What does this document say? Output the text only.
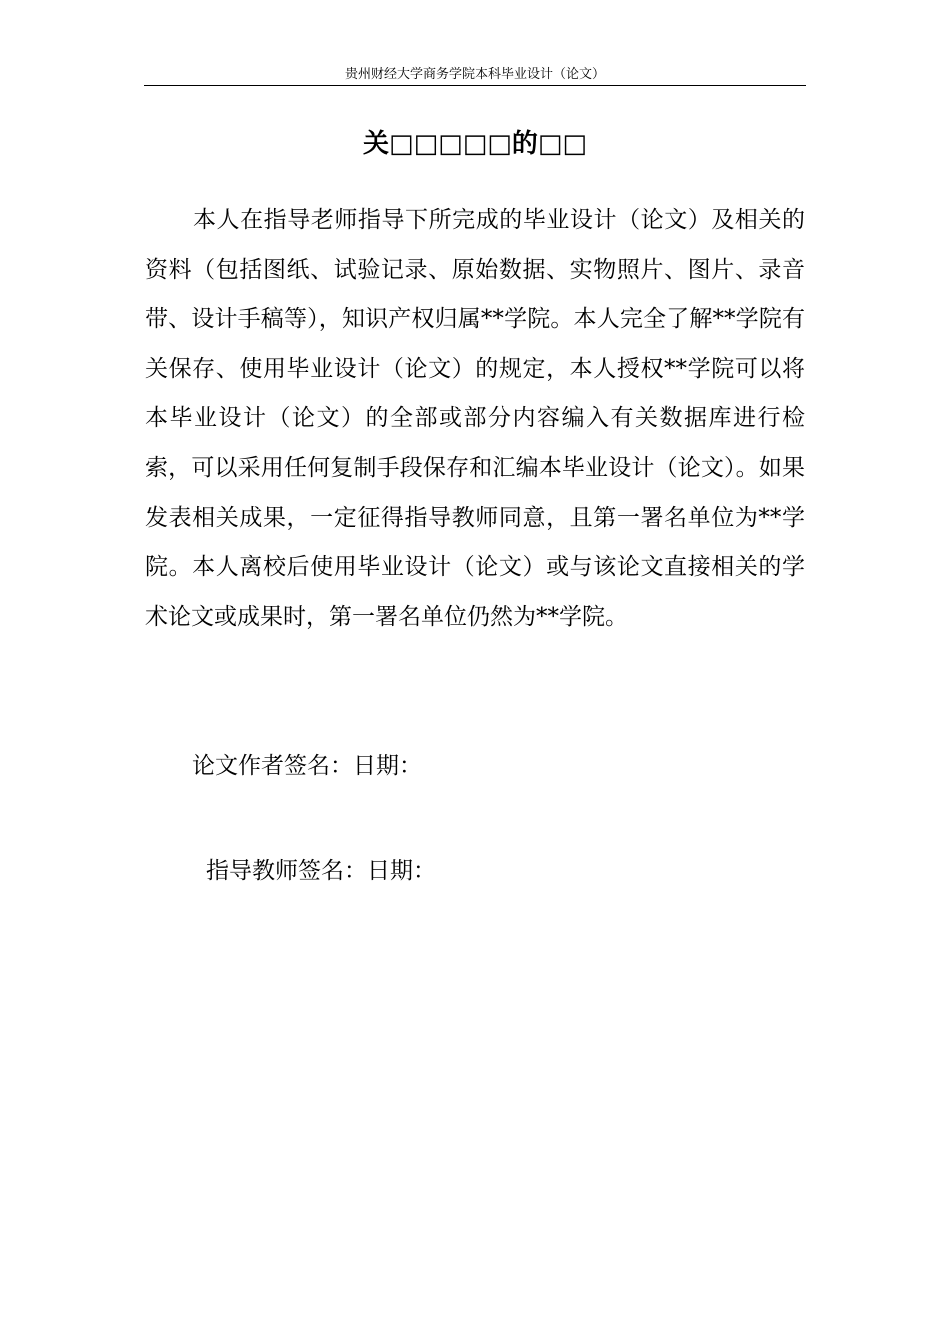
贵州财经大学商务学院本科毕业设计（论文）
关□□□□□的□□

本人在指导老师指导下所完成的毕业设计（论文）及相关的资料（包括图纸、试验记录、原始数据、实物照片、图片、录音带、设计手稿等），知识产权归属**学院。本人完全了解**学院有关保存、使用毕业设计（论文）的规定，本人授权**学院可以将本毕业设计（论文）的全部或部分内容编入有关数据库进行检索，可以采用任何复制手段保存和汇编本毕业设计（论文）。如果发表相关成果，一定征得指导教师同意，且第一署名单位为**学院。本人离校后使用毕业设计（论文）或与该论文直接相关的学术论文或成果时，第一署名单位仍然为**学院。

论文作者签名：日期：
指导教师签名：日期：
